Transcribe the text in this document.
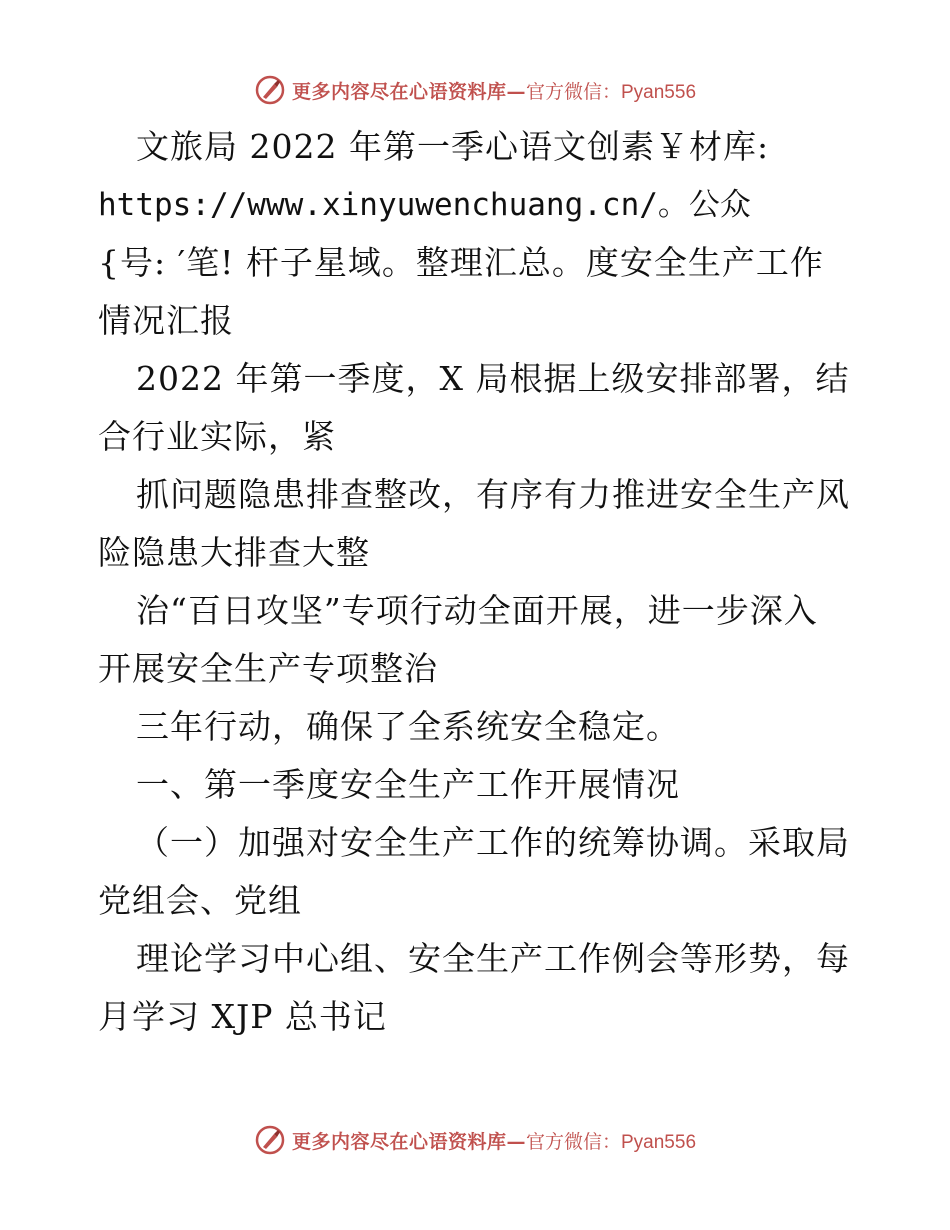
更多内容尽在心语资料库— 官方微信：Pyan556
文旅局 2022 年第一季心语文创素￥材库:
https://www.xinyuwenchuang.cn/。公众
{号: ′笔! 杆子星域。整理汇总。度安全生产工作
情况汇报
2022 年第一季度，X 局根据上级安排部署，结
合行业实际，紧
抓问题隐患排查整改，有序有力推进安全生产风
险隐患大排查大整
治“百日攻坚”专项行动全面开展，进一步深入
开展安全生产专项整治
三年行动，确保了全系统安全稳定。
一、第一季度安全生产工作开展情况
（一）加强对安全生产工作的统筹协调。采取局
党组会、党组
理论学习中心组、安全生产工作例会等形势，每
月学习 XJP 总书记
更多内容尽在心语资料库— 官方微信：Pyan556
